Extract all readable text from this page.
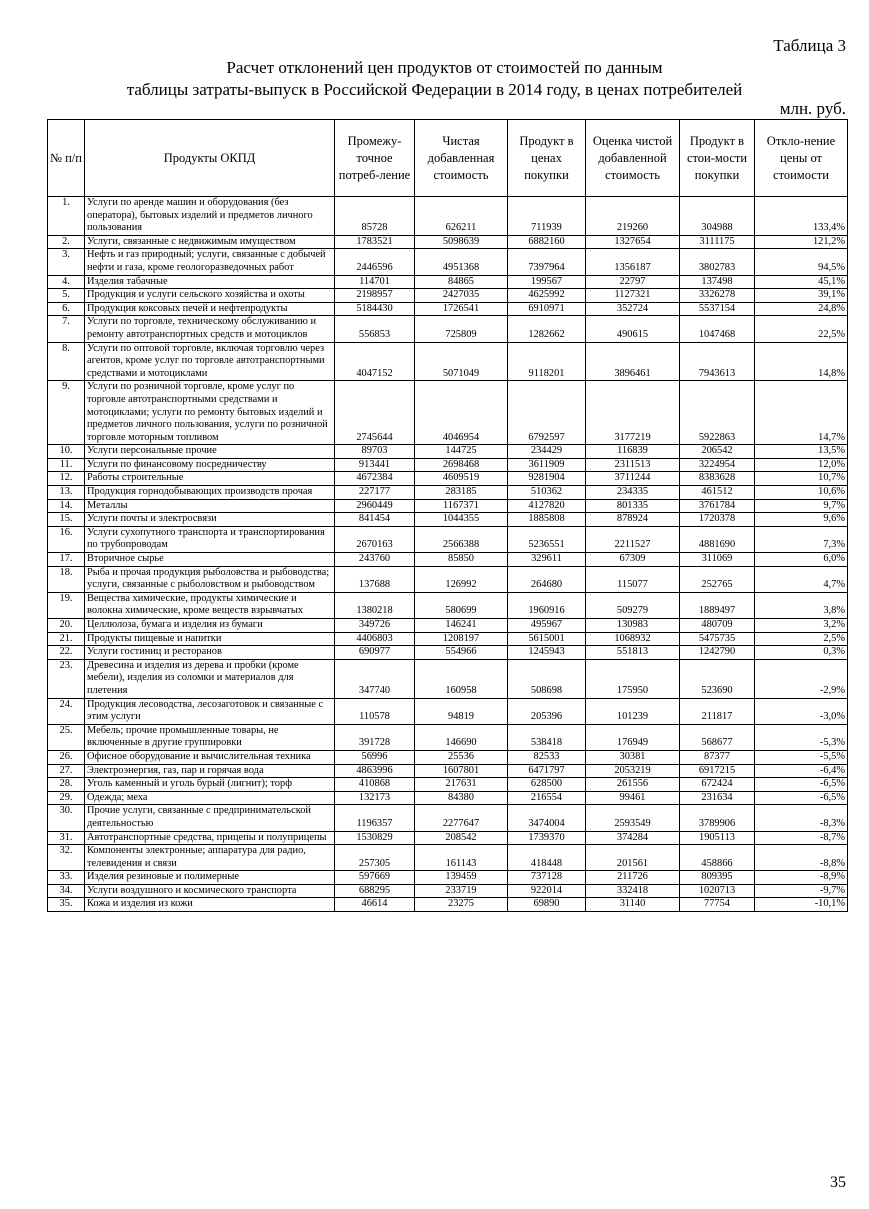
Таблица 3
Расчет отклонений цен продуктов от стоимостей по данным
таблицы затраты-выпуск в Российской Федерации в 2014 году, в ценах потребителей
млн. руб.
№ п/п	Продукты ОКПД	Промежу-точное потреб-ление	Чистая добавленная стоимость	Продукт в ценах покупки	Оценка чистой добавленной стоимость	Продукт в стои-мости покупки	Откло-нение цены от стоимости
1.	Услуги по аренде машин и оборудования (без оператора), бытовых изделий и предметов личного пользования	85728	626211	711939	219260	304988	133,4%
2.	Услуги, связанные с недвижимым имуществом	1783521	5098639	6882160	1327654	3111175	121,2%
3.	Нефть и газ природный; услуги, связанные с добычей нефти и газа, кроме геологоразведочных работ	2446596	4951368	7397964	1356187	3802783	94,5%
4.	Изделия табачные	114701	84865	199567	22797	137498	45,1%
5.	Продукция и услуги сельского хозяйства и охоты	2198957	2427035	4625992	1127321	3326278	39,1%
6.	Продукция коксовых печей и нефтепродукты	5184430	1726541	6910971	352724	5537154	24,8%
7.	Услуги по торговле, техническому обслуживанию и ремонту автотранспортных средств и мотоциклов	556853	725809	1282662	490615	1047468	22,5%
8.	Услуги по оптовой торговле, включая торговлю через агентов, кроме услуг по торговле автотранспортными средствами и мотоциклами	4047152	5071049	9118201	3896461	7943613	14,8%
9.	Услуги по розничной торговле, кроме услуг по торговле автотранспортными средствами и мотоциклами; услуги по ремонту бытовых изделий и предметов личного пользования, услуги по розничной торговле моторным топливом	2745644	4046954	6792597	3177219	5922863	14,7%
10.	Услуги персональные прочие	89703	144725	234429	116839	206542	13,5%
11.	Услуги по финансовому посредничеству	913441	2698468	3611909	2311513	3224954	12,0%
12.	Работы строительные	4672384	4609519	9281904	3711244	8383628	10,7%
13.	Продукция горнодобывающих производств прочая	227177	283185	510362	234335	461512	10,6%
14.	Металлы	2960449	1167371	4127820	801335	3761784	9,7%
15.	Услуги почты и электросвязи	841454	1044355	1885808	878924	1720378	9,6%
16.	Услуги сухопутного транспорта и транспортирования по трубопроводам	2670163	2566388	5236551	2211527	4881690	7,3%
17.	Вторичное сырье	243760	85850	329611	67309	311069	6,0%
18.	Рыба и прочая продукция рыболовства и рыбоводства; услуги, связанные с рыболовством и рыбоводством	137688	126992	264680	115077	252765	4,7%
19.	Вещества химические, продукты химические и волокна химические, кроме веществ взрывчатых	1380218	580699	1960916	509279	1889497	3,8%
20.	Целлюлоза, бумага и изделия из бумаги	349726	146241	495967	130983	480709	3,2%
21.	Продукты пищевые и напитки	4406803	1208197	5615001	1068932	5475735	2,5%
22.	Услуги гостиниц и ресторанов	690977	554966	1245943	551813	1242790	0,3%
23.	Древесина и изделия из дерева и пробки (кроме мебели), изделия из соломки и материалов для плетения	347740	160958	508698	175950	523690	-2,9%
24.	Продукция лесоводства, лесозаготовок и связанные с этим услуги	110578	94819	205396	101239	211817	-3,0%
25.	Мебель; прочие промышленные товары, не включенные в другие группировки	391728	146690	538418	176949	568677	-5,3%
26.	Офисное оборудование и вычислительная техника	56996	25536	82533	30381	87377	-5,5%
27.	Электроэнергия, газ, пар и горячая вода	4863996	1607801	6471797	2053219	6917215	-6,4%
28.	Уголь каменный и уголь бурый (лигнит); торф	410868	217631	628500	261556	672424	-6,5%
29.	Одежда; меха	132173	84380	216554	99461	231634	-6,5%
30.	Прочие услуги, связанные с предпринимательской деятельностью	1196357	2277647	3474004	2593549	3789906	-8,3%
31.	Автотранспортные средства, прицепы и полуприцепы	1530829	208542	1739370	374284	1905113	-8,7%
32.	Компоненты электронные; аппаратура для радио, телевидения и связи	257305	161143	418448	201561	458866	-8,8%
33.	Изделия резиновые и полимерные	597669	139459	737128	211726	809395	-8,9%
34.	Услуги воздушного и космического транспорта	688295	233719	922014	332418	1020713	-9,7%
35.	Кожа и изделия из кожи	46614	23275	69890	31140	77754	-10,1%
35
